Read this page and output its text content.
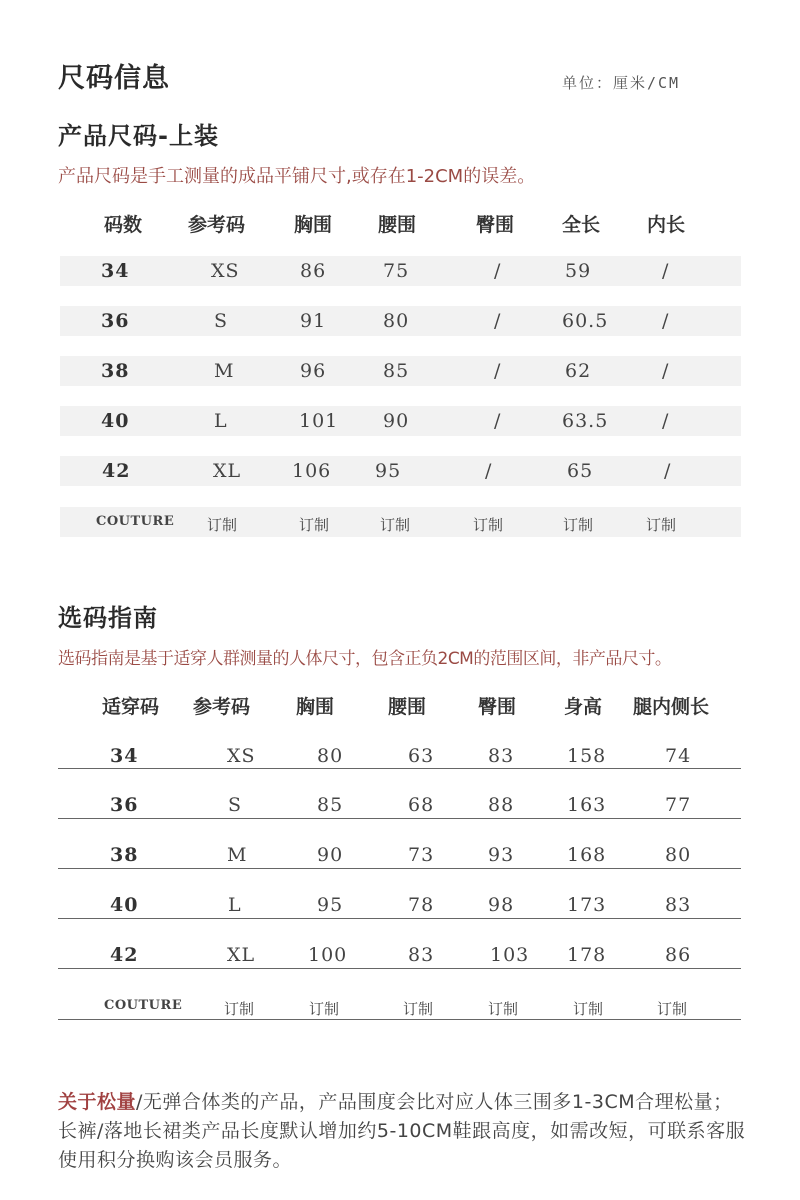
尺码信息	单位：厘米/CM
产品尺码-上装
产品尺码是手工测量的成品平铺尺寸,或存在1-2CM的误差。
码数 参考码	胸围 腰围	臀围	全长 内长
34	XS	86	75	/	59	/
36	S	91	80	/	60.5	/
38	M	96	85	/	62	/
40	L	101 90	/	63.5	/
42	XL	106 95	/	65	/
COUTURE 订制	订制	订制	订制	订制	订制
选码指南
选码指南是基于适穿人群测量的人体尺寸，包含正负2CM的范围区间，非产品尺寸。
适穿码 参考码 胸围	腰围	臀围	身高 腿内侧长
34	XS	80	63	83	158	74
36	S	85	68	88	163	77
38	M	90	73	93	168	80
40	L	95	78	98	173	83
42	XL	100	83	103 178	86
COUTURE	订制	订制	订制	订制	订制	订制
关于松量/无弹合体类的产品，产品围度会比对应人体三围多1-3CM合理松量；长裤/落地长裙类产品长度默认增加约5-10CM鞋跟高度，如需改短，可联系客服使用积分换购该会员服务。
